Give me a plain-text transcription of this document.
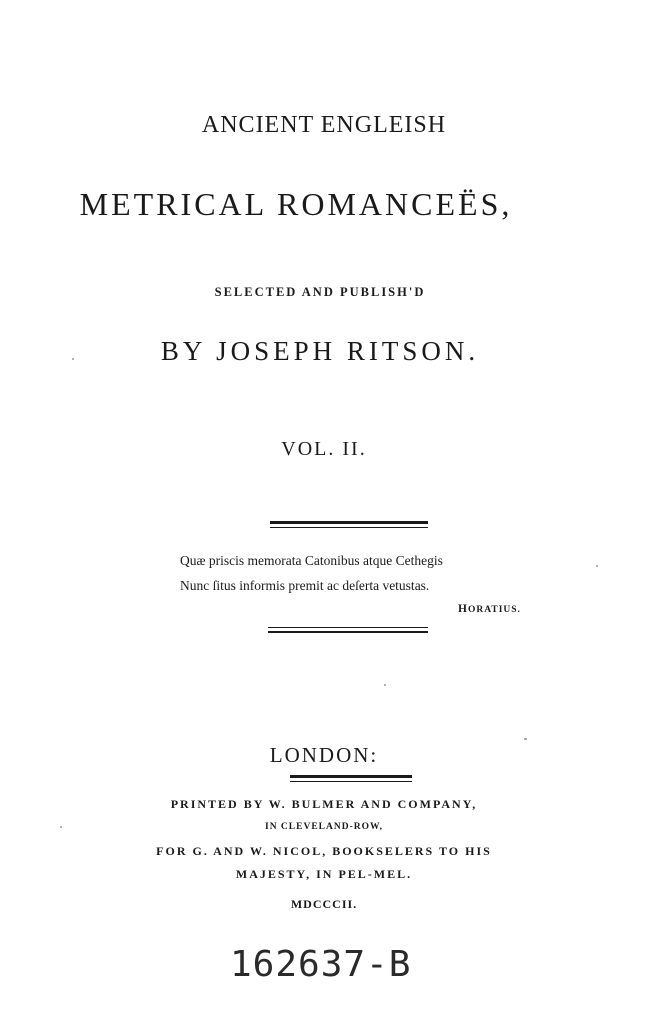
ANCIENT ENGLEISH
METRICAL ROMANCEËS,
SELECTED AND PUBLISH'D
BY JOSEPH RITSON.
VOL. II.
Quæ priscis memorata Catonibus atque Cethegis
Nunc ſitus informis premit ac deſerta vetustas.
HORATIUS.
LONDON:
PRINTED BY W. BULMER AND COMPANY,
IN CLEVELAND-ROW,
FOR G. AND W. NICOL, BOOKSELERS TO HIS
MAJESTY, IN PEL-MEL.
MDCCCII.
162637-B
